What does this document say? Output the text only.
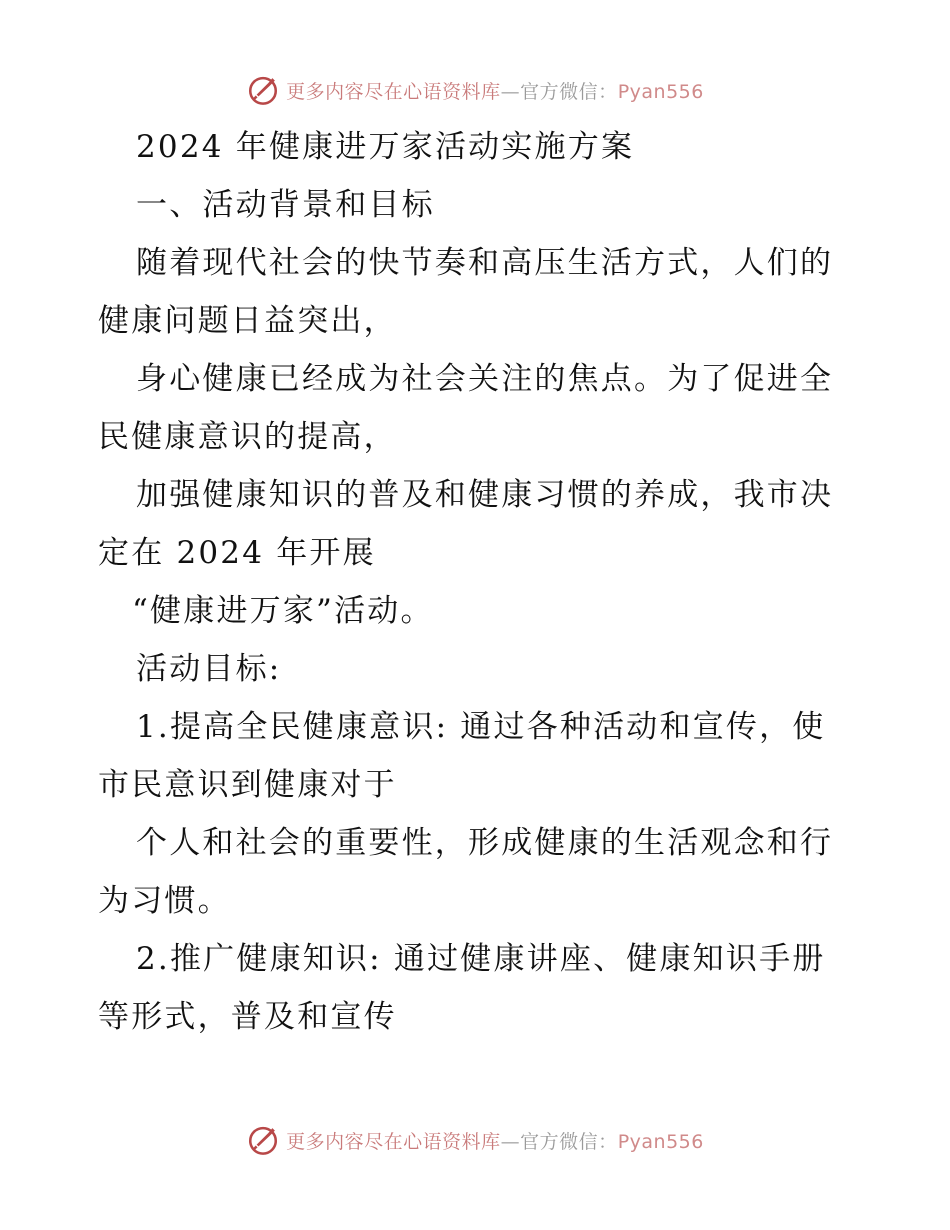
更多内容尽在心语资料库—官方微信：Pyan556
2024 年健康进万家活动实施方案
一、活动背景和目标
随着现代社会的快节奏和高压生活方式，人们的
健康问题日益突出，
身心健康已经成为社会关注的焦点。为了促进全
民健康意识的提高，
加强健康知识的普及和健康习惯的养成，我市决
定在 2024 年开展
“健康进万家”活动。
活动目标:
1.提高全民健康意识: 通过各种活动和宣传，使
市民意识到健康对于
个人和社会的重要性，形成健康的生活观念和行
为习惯。
2.推广健康知识: 通过健康讲座、健康知识手册
等形式，普及和宣传
更多内容尽在心语资料库—官方微信：Pyan556
